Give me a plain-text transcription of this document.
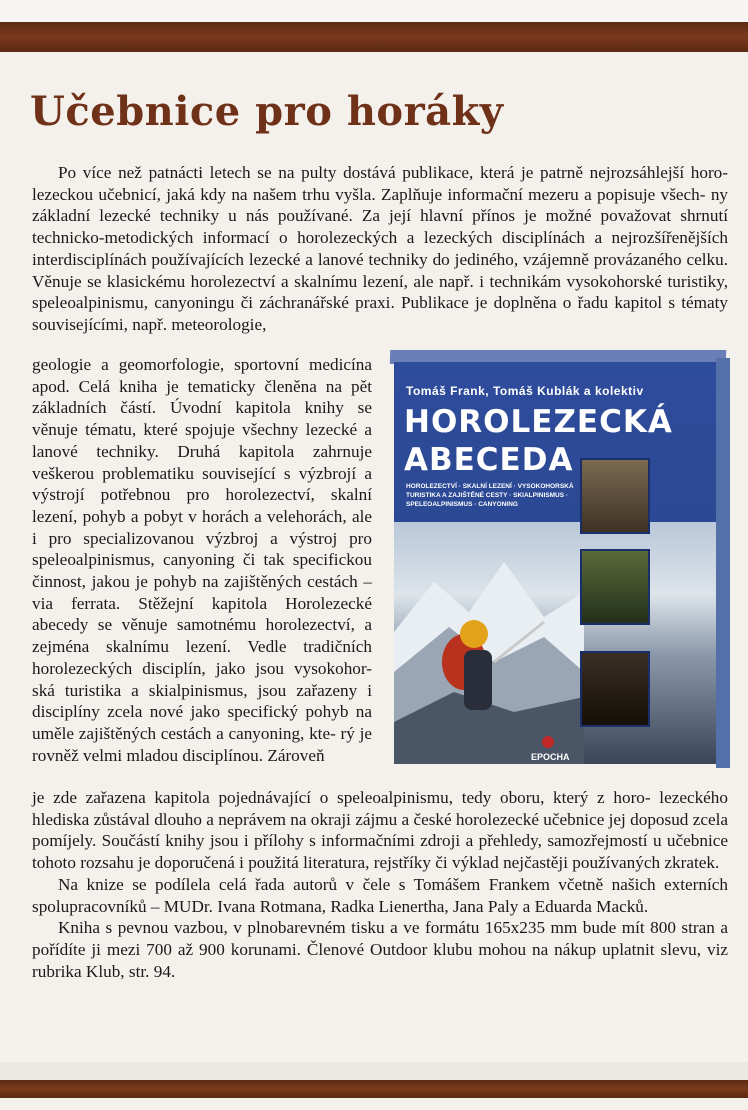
Učebnice pro horáky

Po více než patnácti letech se na pulty dostává publikace, která je patrně nejrozsáhlejší horo- lezeckou učebnicí, jaká kdy na našem trhu vyšla. Zaplňuje informační mezeru a popisuje všech- ny základní lezecké techniky u nás používané. Za její hlavní přínos je možné považovat shrnutí technicko-metodických informací o horolezeckých a lezeckých disciplínách a nejrozšířenějších interdisciplínách používajících lezecké a lanové techniky do jediného, vzájemně provázaného celku. Věnuje se klasickému horolezectví a skalnímu lezení, ale např. i technikám vysokohorské turistiky, speleoalpinismu, canyoningu či záchranářské praxi. Publikace je doplněna o řadu kapitol s tématy souvisejícími, např. meteorologie,

geologie a geomorfologie, sportovní medicína apod. Celá kniha je tematicky členěna na pět základních částí. Úvodní kapitola knihy se věnuje tématu, které spojuje všechny lezecké a lanové techniky. Druhá kapitola zahrnuje veškerou problematiku související s výzbrojí a výstrojí potřebnou pro horolezectví, skalní lezení, pohyb a pobyt v horách a velehorách, ale i pro specializovanou výzbroj a výstroj pro speleoalpinismus, canyoning či tak specifickou činnost, jakou je pohyb na zajištěných cestách – via ferrata. Stěžejní kapitola Horolezecké abecedy se věnuje samotnému horolezectví, a zejména skalnímu lezení. Vedle tradičních horolezeckých disciplín, jako jsou vysokohor- ská turistika a skialpinismus, jsou zařazeny i disciplíny zcela nové jako specifický pohyb na uměle zajištěných cestách a canyoning, kte- rý je rovněž velmi mladou disciplínou. Zároveň

Tomáš Frank, Tomáš Kublák a kolektiv
HOROLEZECKÁ
ABECEDA
HOROLEZECTVÍ · SKALNÍ LEZENÍ · VYSOKOHORSKÁ TURISTIKA A ZAJIŠTĚNÉ CESTY · SKIALPINISMUS · SPELEOALPINISMUS · CANYONING
EPOCHA

je zde zařazena kapitola pojednávající o speleoalpinismu, tedy oboru, který z horo- lezeckého hlediska zůstával dlouho a neprávem na okraji zájmu a české horolezecké učebnice jej doposud zcela pomíjely. Součástí knihy jsou i přílohy s informačními zdroji a přehledy, samozřejmostí u učebnice tohoto rozsahu je doporučená i použitá literatura, rejstříky či výklad nejčastěji používaných zkratek.

Na knize se podílela celá řada autorů v čele s Tomášem Frankem včetně našich externích spolupracovníků – MUDr. Ivana Rotmana, Radka Lienertha, Jana Paly a Eduarda Macků.

Kniha s pevnou vazbou, v plnobarevném tisku a ve formátu 165x235 mm bude mít 800 stran a pořídíte ji mezi 700 až 900 korunami. Členové Outdoor klubu mohou na nákup uplatnit slevu, viz rubrika Klub, str. 94.
